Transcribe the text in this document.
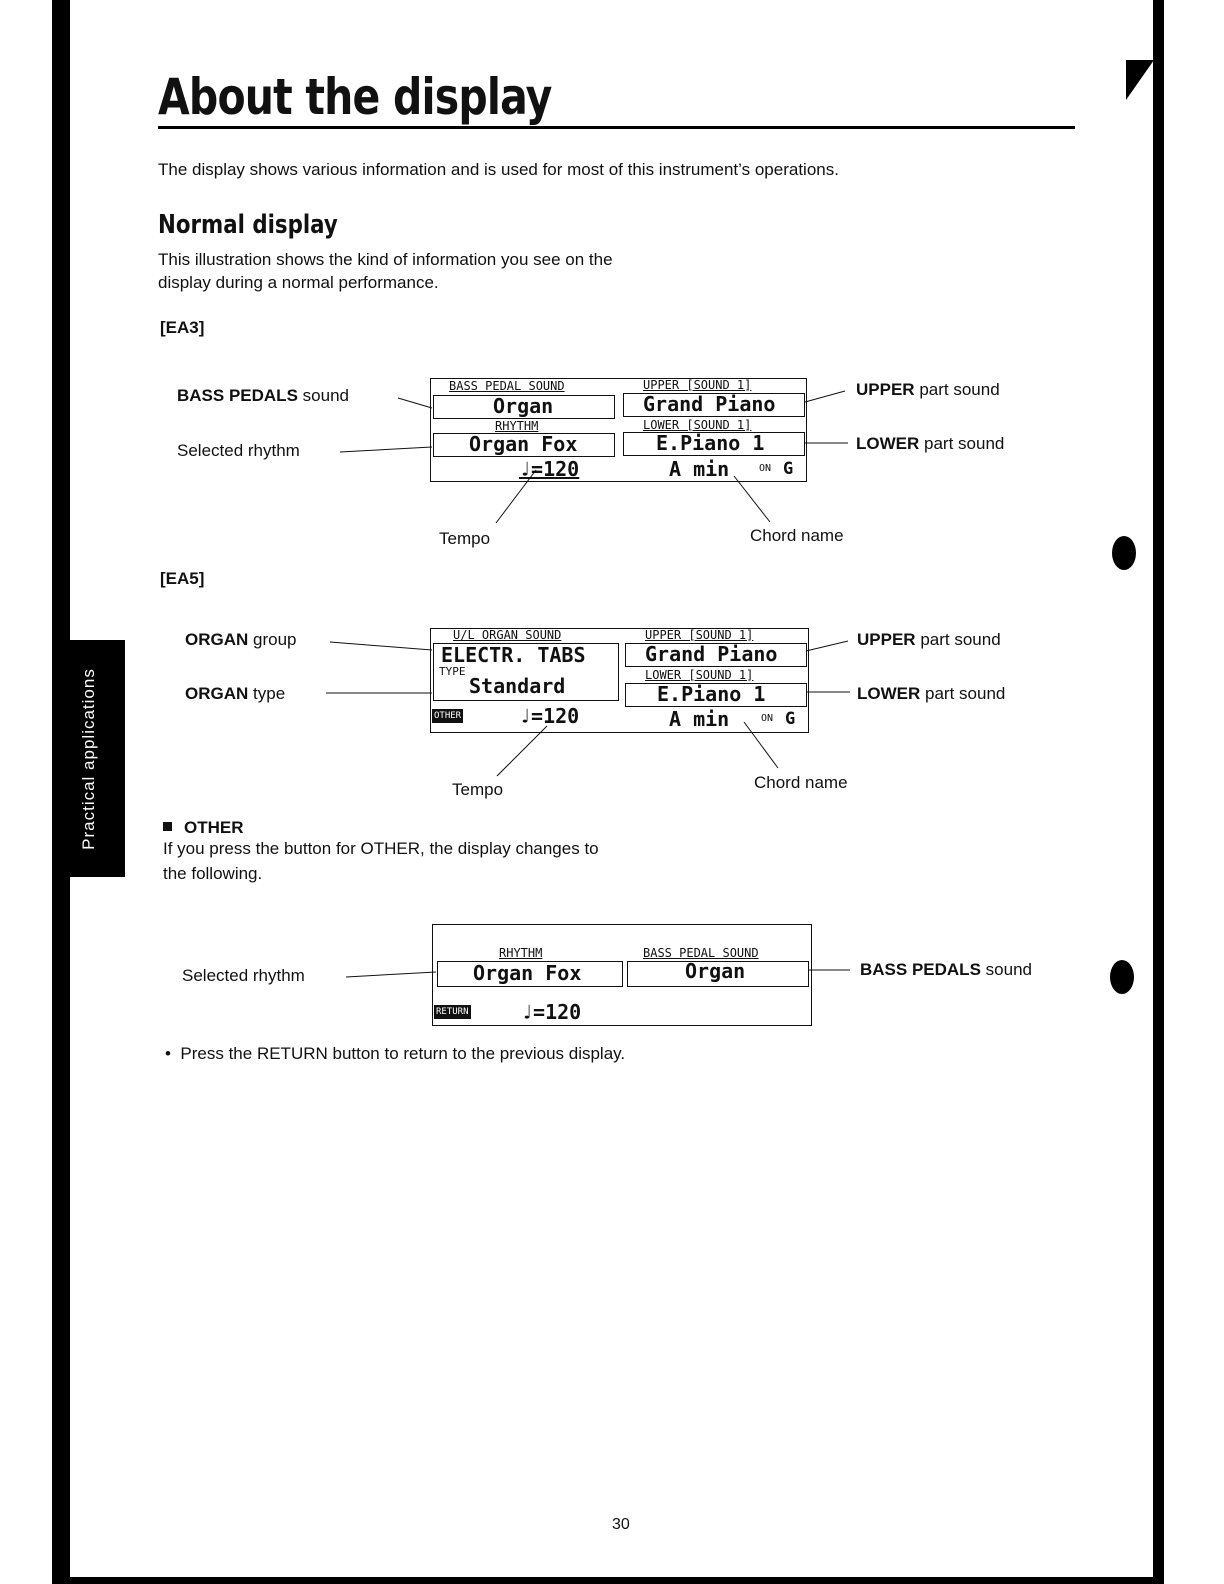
Practical applications
About the display
The display shows various information and is used for most of this instrument’s operations.
Normal display
This illustration shows the kind of information you see on the display during a normal performance.
[EA3]
BASS PEDALS sound
Selected rhythm
UPPER part sound
LOWER part sound
Tempo	Chord name
BASS PEDAL SOUND
Organ
RHYTHM
Organ Fox
♩=120
UPPER [SOUND 1]
Grand Piano
LOWER [SOUND 1]
E.Piano 1
A min	ON G
[EA5]
ORGAN group
ORGAN type
UPPER part sound
LOWER part sound
Tempo	Chord name
U/L ORGAN SOUND
ELECTR. TABS
TYPE
Standard
OTHER	♩=120
UPPER [SOUND 1]
Grand Piano
LOWER [SOUND 1]
E.Piano 1
A min	ON G
OTHER
If you press the button for OTHER, the display changes to the following.
Selected rhythm	BASS PEDALS sound
RHYTHM
Organ Fox
BASS PEDAL SOUND
Organ
RETURN	♩=120
•  Press the RETURN button to return to the previous display.
30
